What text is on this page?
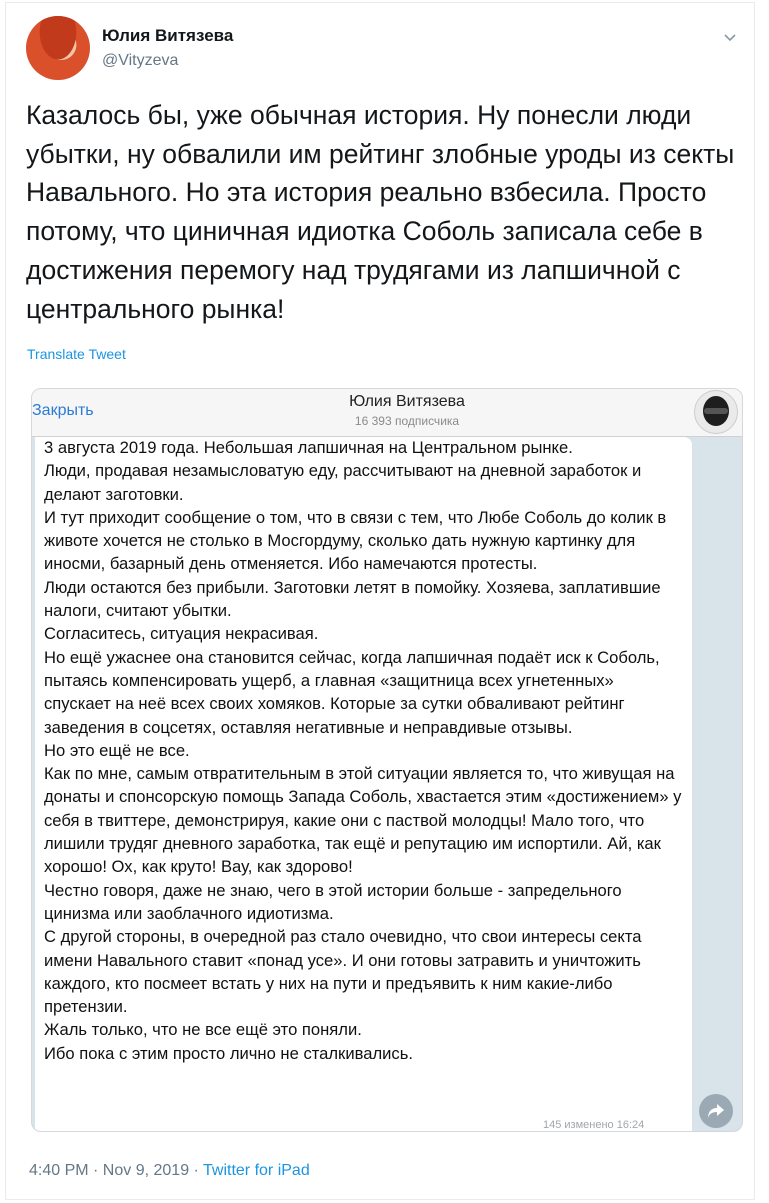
Юлия Витязева
@Vityzeva
Казалось бы, уже обычная история. Ну понесли люди убытки, ну обвалили им рейтинг злобные уроды из секты Навального. Но эта история реально взбесила. Просто потому, что циничная идиотка Соболь записала себе в достижения перемогу над трудягами из лапшичной с центрального рынка!
Translate Tweet
Закрыть
Юлия Витязева
16 393 подписчика
3 августа 2019 года. Небольшая лапшичная на Центральном рынке.
Люди, продавая незамысловатую еду, рассчитывают на дневной заработок и делают заготовки.
И тут приходит сообщение о том, что в связи с тем, что Любе Соболь до колик в животе хочется не столько в Мосгордуму, сколько дать нужную картинку для иносми, базарный день отменяется. Ибо намечаются протесты.
Люди остаются без прибыли. Заготовки летят в помойку. Хозяева, заплатившие налоги, считают убытки.
Согласитесь, ситуация некрасивая.
Но ещё ужаснее она становится сейчас, когда лапшичная подаёт иск к Соболь, пытаясь компенсировать ущерб, а главная «защитница всех угнетенных» спускает на неё всех своих хомяков. Которые за сутки обваливают рейтинг заведения в соцсетях, оставляя негативные и неправдивые отзывы.
Но это ещё не все.
Как по мне, самым отвратительным в этой ситуации является то, что живущая на донаты и спонсорскую помощь Запада Соболь, хвастается этим «достижением» у себя в твиттере, демонстрируя, какие они с паствой молодцы! Мало того, что лишили трудяг дневного заработка, так ещё и репутацию им испортили. Ай, как хорошо! Ох, как круто! Вау, как здорово!
Честно говоря, даже не знаю, чего в этой истории больше - запредельного цинизма или заоблачного идиотизма.
С другой стороны, в очередной раз стало очевидно, что свои интересы секта имени Навального ставит «понад усе». И они готовы затравить и уничтожить каждого, кто посмеет встать у них на пути и предъявить к ним какие-либо претензии.
Жаль только, что не все ещё это поняли.
Ибо пока с этим просто лично не сталкивались.
145 изменено 16:24
4:40 PM · Nov 9, 2019 · Twitter for iPad
